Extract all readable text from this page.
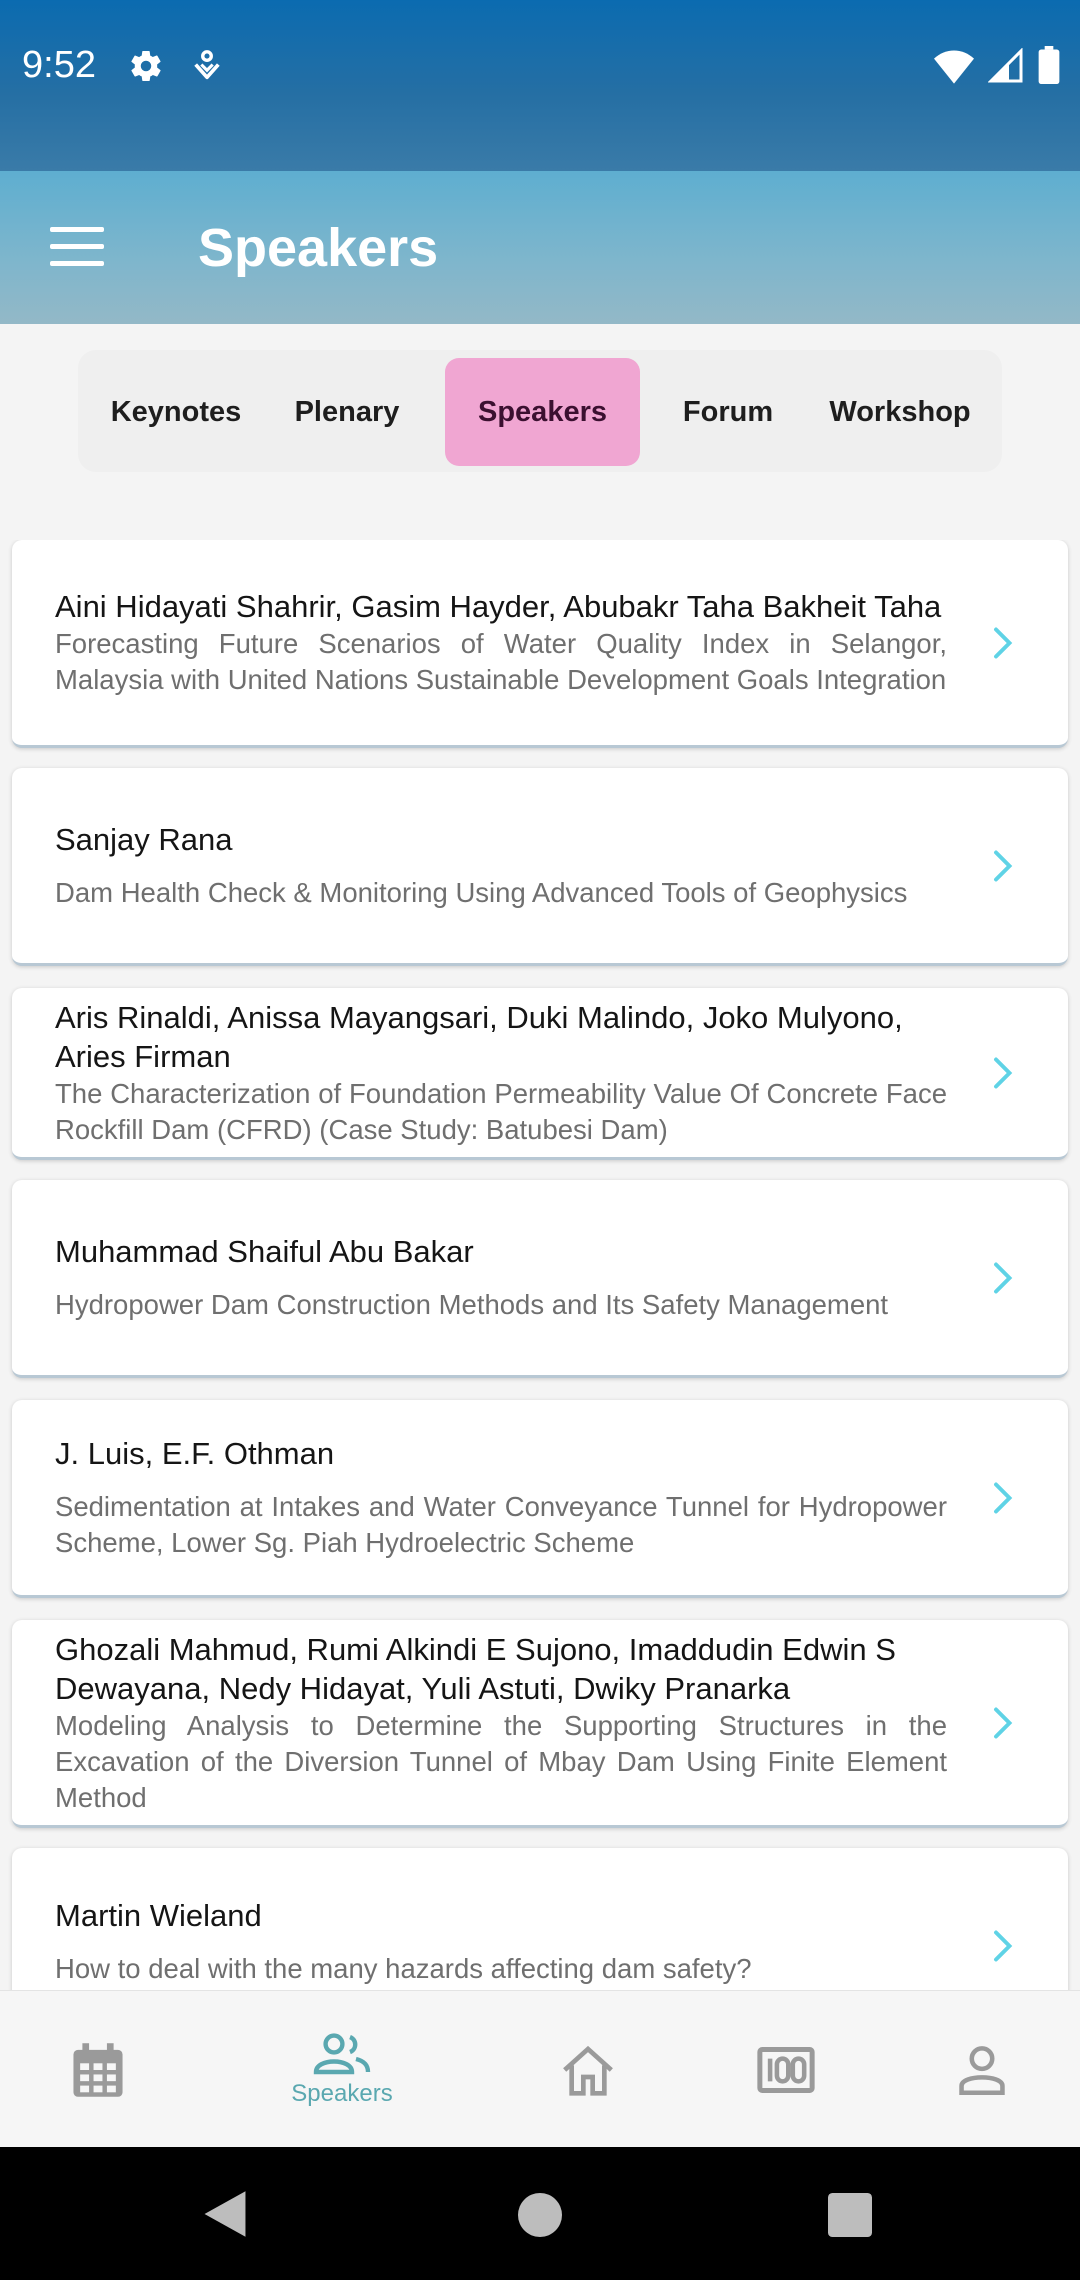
9:52
Speakers
Keynotes	Plenary	Speakers	Forum	Workshop
Aini Hidayati Shahrir, Gasim Hayder, Abubakr Taha Bakheit Taha
Forecasting Future Scenarios of Water Quality Index in Selangor, Malaysia with United Nations Sustainable Development Goals Integration
Sanjay Rana
Dam Health Check & Monitoring Using Advanced Tools of Geophysics
Aris Rinaldi, Anissa Mayangsari, Duki Malindo, Joko Mulyono, Aries Firman
The Characterization of Foundation Permeability Value Of Concrete Face Rockfill Dam (CFRD) (Case Study: Batubesi Dam)
Muhammad Shaiful Abu Bakar
Hydropower Dam Construction Methods and Its Safety Management
J. Luis, E.F. Othman
Sedimentation at Intakes and Water Conveyance Tunnel for Hydropower Scheme, Lower Sg. Piah Hydroelectric Scheme
Ghozali Mahmud, Rumi Alkindi E Sujono, Imaddudin Edwin S Dewayana, Nedy Hidayat, Yuli Astuti, Dwiky Pranarka
Modeling Analysis to Determine the Supporting Structures in the Excavation of the Diversion Tunnel of Mbay Dam Using Finite Element Method
Martin Wieland
How to deal with the many hazards affecting dam safety?
Speakers
